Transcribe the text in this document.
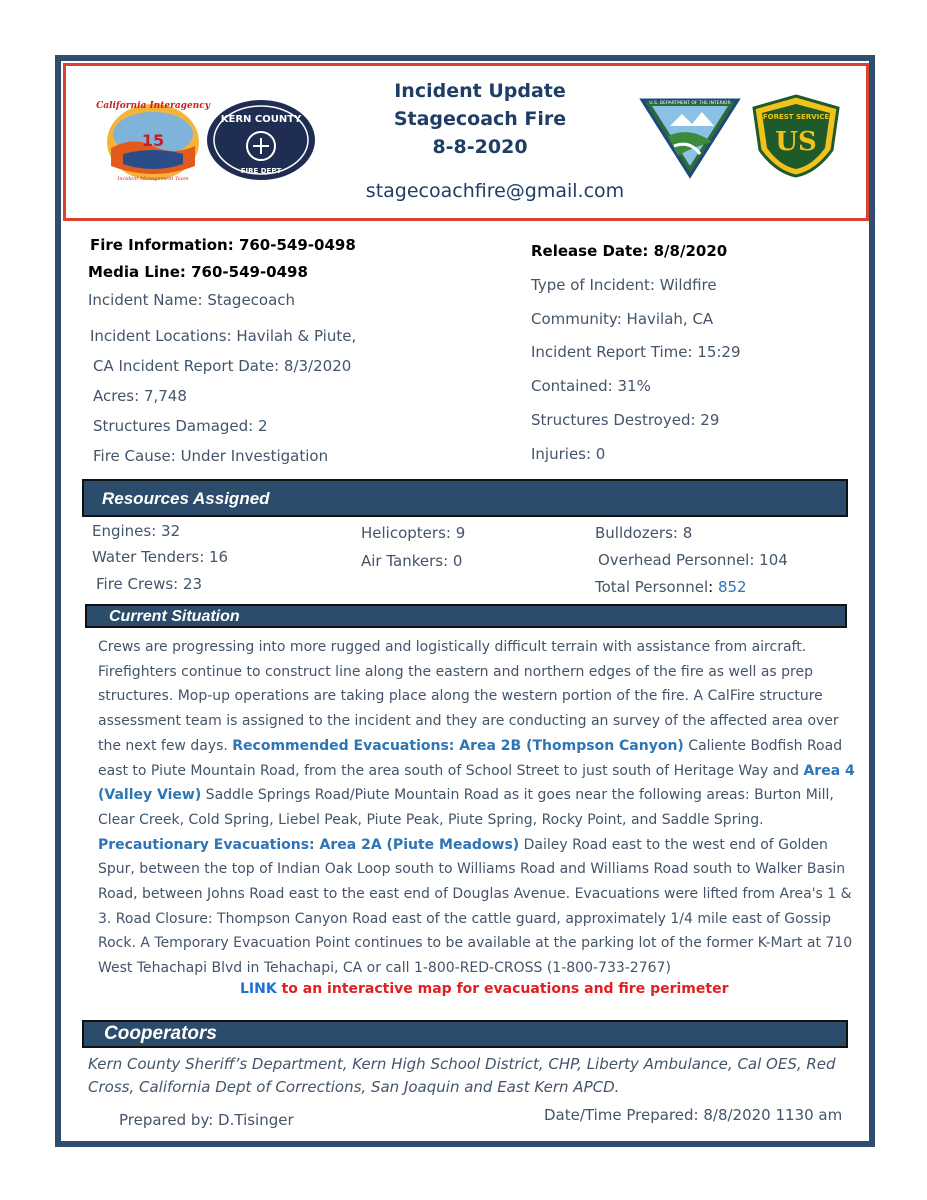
15
California Interagency
Incident Management Team
KERN COUNTY
FIRE DEPT
Incident Update
Stagecoach Fire
8-8-2020
stagecoachfire@gmail.com
U.S. DEPARTMENT OF THE INTERIOR
FOREST SERVICE
US
Fire Information: 760-549-0498
Media Line: 760-549-0498
Incident Name: Stagecoach
Incident Locations: Havilah & Piute,
CA Incident Report Date: 8/3/2020
Acres: 7,748
Structures Damaged: 2
Fire Cause: Under Investigation
Release Date: 8/8/2020
Type of Incident: Wildfire
Community: Havilah, CA
Incident Report Time: 15:29
Contained: 31%
Structures Destroyed: 29
Injuries: 0
Resources Assigned
Engines: 32
Water Tenders: 16
Fire Crews: 23
Helicopters: 9
Air Tankers: 0
Bulldozers: 8
Overhead Personnel: 104
Total Personnel: 852
Current Situation
Crews are progressing into more rugged and logistically difficult terrain with assistance from aircraft. Firefighters continue to construct line along the eastern and northern edges of the fire as well as prep structures. Mop-up operations are taking place along the western portion of the fire. A CalFire structure assessment team is assigned to the incident and they are conducting an survey of the affected area over the next few days. Recommended Evacuations: Area 2B (Thompson Canyon) Caliente Bodfish Road east to Piute Mountain Road, from the area south of School Street to just south of Heritage Way and Area 4 (Valley View) Saddle Springs Road/Piute Mountain Road as it goes near the following areas: Burton Mill, Clear Creek, Cold Spring, Liebel Peak, Piute Peak, Piute Spring, Rocky Point, and Saddle Spring. Precautionary Evacuations: Area 2A (Piute Meadows) Dailey Road east to the west end of Golden Spur, between the top of Indian Oak Loop south to Williams Road and Williams Road south to Walker Basin Road, between Johns Road east to the east end of Douglas Avenue. Evacuations were lifted from Area's 1 & 3. Road Closure: Thompson Canyon Road east of the cattle guard, approximately 1/4 mile east of Gossip Rock. A Temporary Evacuation Point continues to be available at the parking lot of the former K-Mart at 710 West Tehachapi Blvd in Tehachapi, CA or call 1-800-RED-CROSS (1-800-733-2767)
LINK to an interactive map for evacuations and fire perimeter
Cooperators
Kern County Sheriff’s Department, Kern High School District, CHP, Liberty Ambulance, Cal OES, Red Cross, California Dept of Corrections, San Joaquin and East Kern APCD.
Prepared by: D.Tisinger	Date/Time Prepared: 8/8/2020 1130 am
